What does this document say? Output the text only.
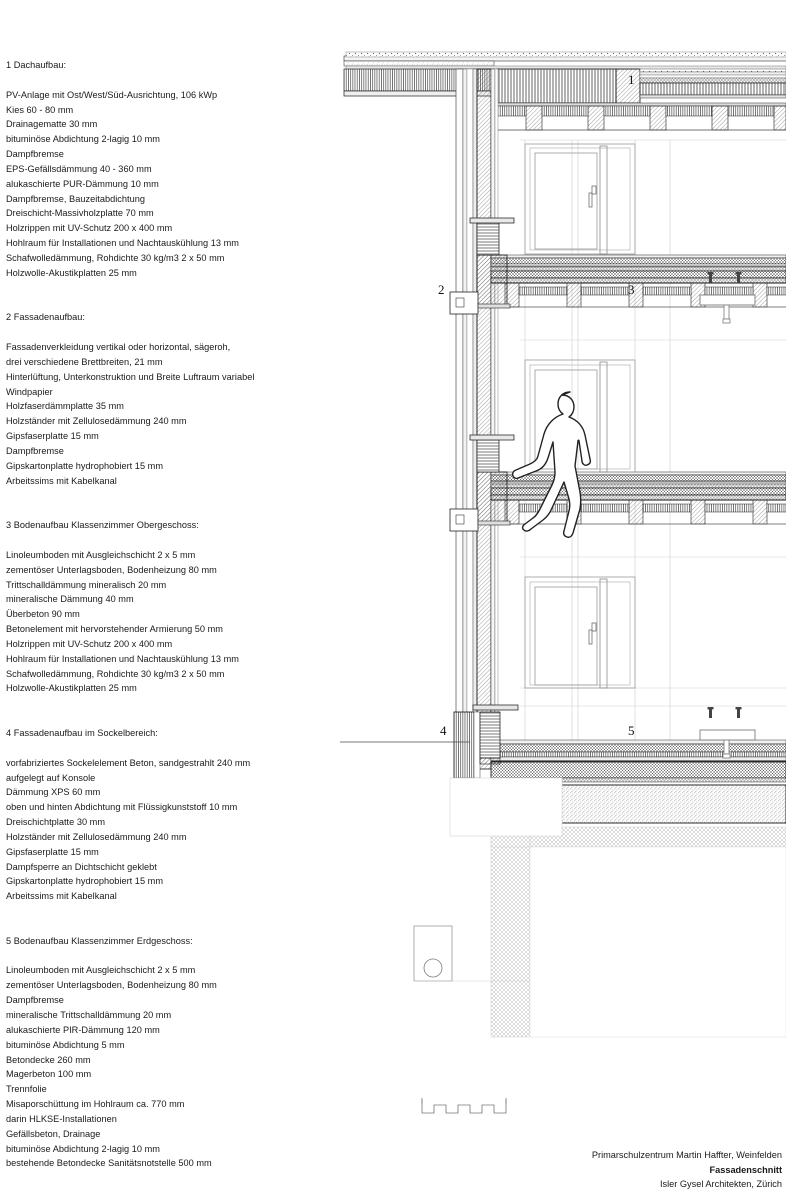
1 Dachaufbau:
PV-Anlage mit Ost/West/Süd-Ausrichtung, 106 kWp
Kies 60 - 80 mm
Drainagematte 30 mm
bituminöse Abdichtung 2-lagig 10 mm
Dampfbremse
EPS-Gefällsdämmung 40 - 360 mm
alukaschierte PUR-Dämmung 10 mm
Dampfbremse, Bauzeitabdichtung
Dreischicht-Massivholzplatte 70 mm
Holzrippen mit UV-Schutz 200 x 400 mm
Hohlraum für Installationen und Nachtauskühlung 13 mm
Schafwolledämmung, Rohdichte 30 kg/m3 2 x 50 mm
Holzwolle-Akustikplatten 25 mm
2 Fassadenaufbau:
Fassadenverkleidung vertikal oder horizontal, sägeroh,
drei verschiedene Brettbreiten, 21 mm
Hinterlüftung, Unterkonstruktion und Breite Luftraum variabel
Windpapier
Holzfaserdämmplatte 35 mm
Holzständer mit Zellulosedämmung 240 mm
Gipsfaserplatte 15 mm
Dampfbremse
Gipskartonplatte hydrophobiert 15 mm
Arbeitssims mit Kabelkanal
3 Bodenaufbau Klassenzimmer Obergeschoss:
Linoleumboden mit Ausgleichschicht 2 x 5 mm
zementöser Unterlagsboden, Bodenheizung 80 mm
Trittschalldämmung mineralisch 20 mm
mineralische Dämmung 40 mm
Überbeton 90 mm
Betonelement mit hervorstehender Armierung 50 mm
Holzrippen mit UV-Schutz 200 x 400 mm
Hohlraum für Installationen und Nachtauskühlung 13 mm
Schafwolledämmung, Rohdichte 30 kg/m3 2 x 50 mm
Holzwolle-Akustikplatten 25 mm
4 Fassadenaufbau im Sockelbereich:
vorfabriziertes Sockelelement Beton, sandgestrahlt 240 mm
aufgelegt auf Konsole
Dämmung XPS 60 mm
oben und hinten Abdichtung mit Flüssigkunststoff 10 mm
Dreischichtplatte 30 mm
Holzständer mit Zellulosedämmung 240 mm
Gipsfaserplatte 15 mm
Dampfsperre an Dichtschicht geklebt
Gipskartonplatte hydrophobiert 15 mm
Arbeitssims mit Kabelkanal
5 Bodenaufbau Klassenzimmer Erdgeschoss:
Linoleumboden mit Ausgleichschicht 2 x 5 mm
zementöser Unterlagsboden, Bodenheizung 80 mm
Dampfbremse
mineralische Trittschalldämmung 20 mm
alukaschierte PIR-Dämmung 120 mm
bituminöse Abdichtung 5 mm
Betondecke 260 mm
Magerbeton 100 mm
Trennfolie
Misaporschüttung im Hohlraum ca. 770 mm
darin HLKSE-Installationen
Gefällsbeton, Drainage
bituminöse Abdichtung 2-lagig 10 mm
bestehende Betondecke Sanitätsnotstelle 500 mm
1
2	3
4	5
Primarschulzentrum Martin Haffter, Weinfelden
Fassadenschnitt
Isler Gysel Architekten, Zürich
